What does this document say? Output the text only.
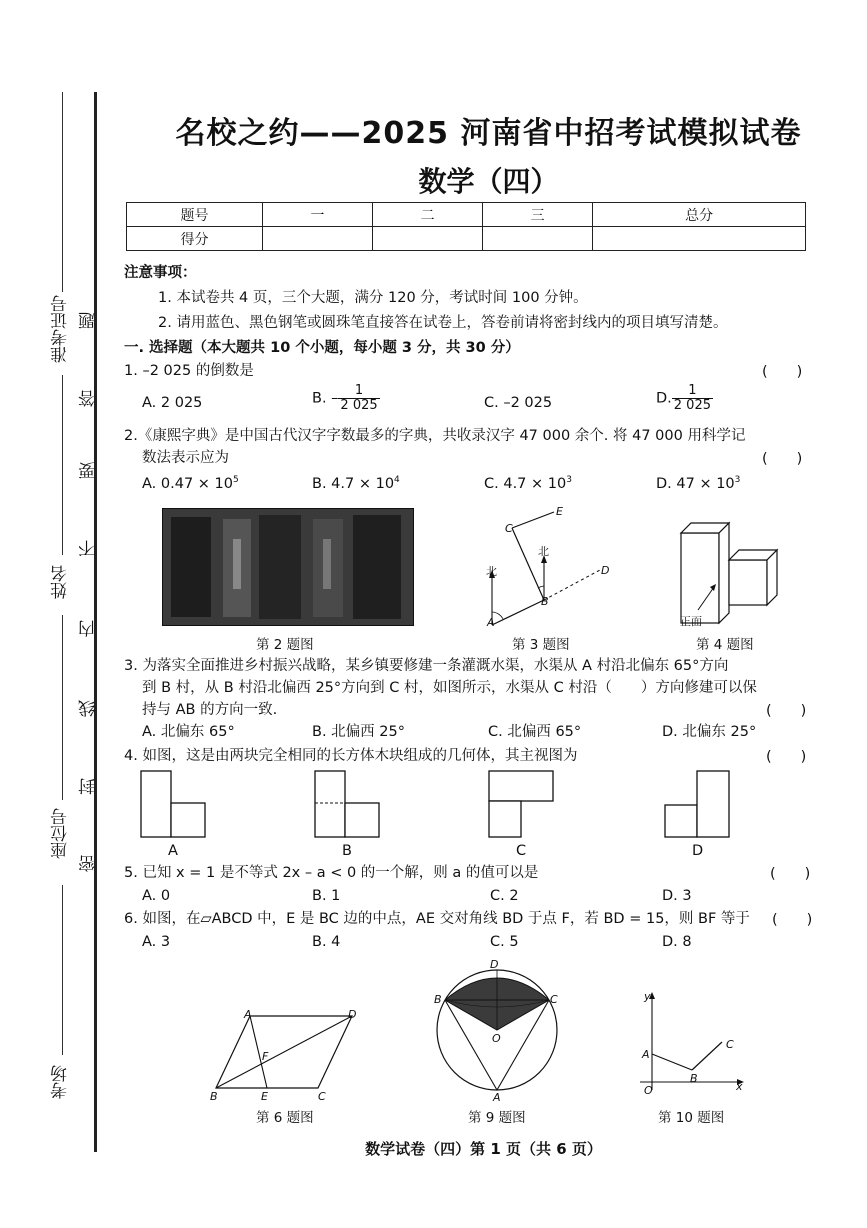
准考证号
姓名
座位号
考场
题
答
要
不
内
线
封
密
名校之约——2025 河南省中招考试模拟试卷
数学（四）
题号	一	二	三	总分
得分				
注意事项：
1. 本试卷共 4 页，三个大题，满分 120 分，考试时间 100 分钟。
2. 请用蓝色、黑色钢笔或圆珠笔直接答在试卷上，答卷前请将密封线内的项目填写清楚。
一. 选择题（本大题共 10 个小题，每小题 3 分，共 30 分）
1. –2 025 的倒数是	(　　)
A. 2 025	B. – $\frac{1}{2 025}$	C. –2 025	D. $\frac{1}{2 025}$
2.《康熙字典》是中国古代汉字字数最多的字典，共收录汉字 47 000 余个. 将 47 000 用科学记
数法表示应为	(　　)
A. $0.47 \times 10^5$	B. $4.7 \times 10^4$	C. $4.7 \times 10^3$	D. $47 \times 10^3$
第 2 题图
北
北
A
B
C
D
E
第 3 题图
正面
第 4 题图
3. 为落实全面推进乡村振兴战略，某乡镇要修建一条灌溉水渠，水渠从 A 村沿北偏东 65°方向
到 B 村，从 B 村沿北偏西 25°方向到 C 村，如图所示，水渠从 C 村沿（　　）方向修建可以保
持与 AB 的方向一致.	(　　)
A. 北偏东 65°	B. 北偏西 25°	C. 北偏西 65°	D. 北偏东 25°
4. 如图，这是由两块完全相同的长方体木块组成的几何体，其主视图为	(　　)
A	B	C	D
5. 已知 x = 1 是不等式 2x – a < 0 的一个解，则 a 的值可以是	(　　)
A. 0	B. 1	C. 2	D. 3
6. 如图，在▱ABCD 中，E 是 BC 边的中点，AE 交对角线 BD 于点 F，若 BD = 15，则 BF 等于 (　　)
A. 3	B. 4	C. 5	D. 8
A
B	C
D
E
F
第 6 题图
D
B	C
O
A
第 9 题图
y
x
O
A
B
C
第 10 题图
数学试卷（四）第 1 页（共 6 页）
